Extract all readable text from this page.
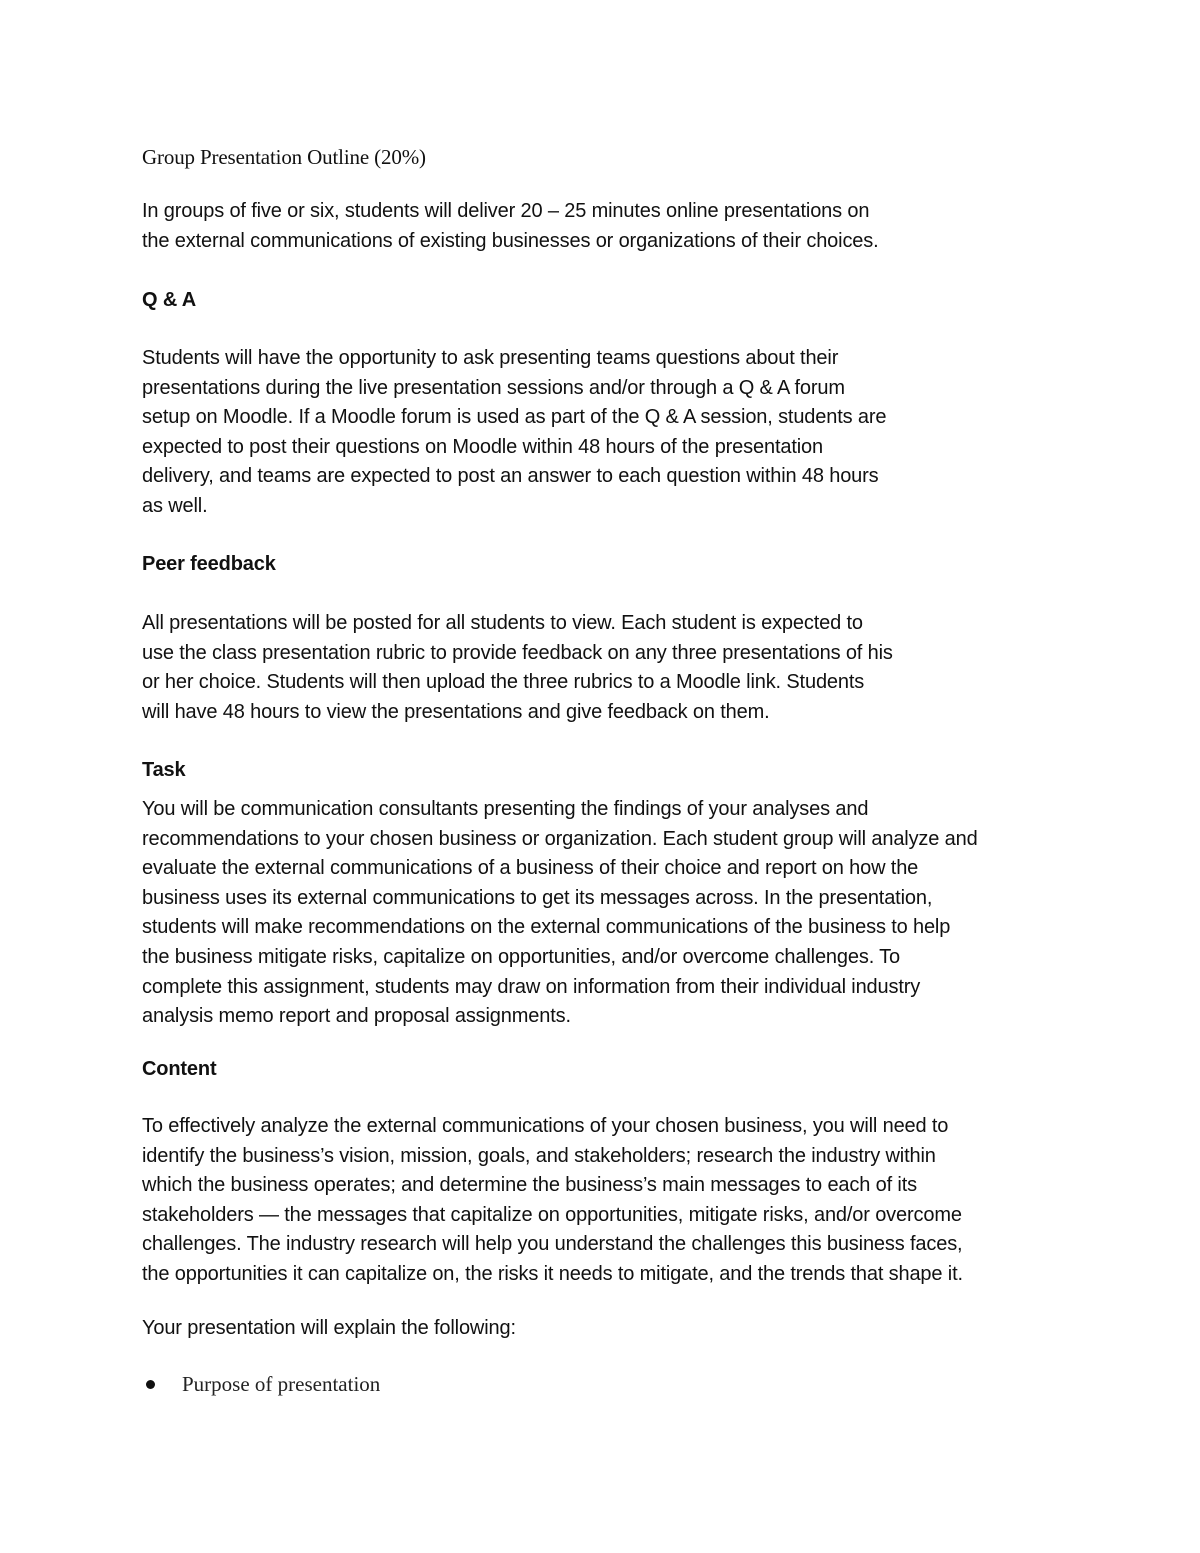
Group Presentation Outline (20%)

In groups of five or six, students will deliver 20 – 25 minutes online presentations on
the external communications of existing businesses or organizations of their choices.

Q & A

Students will have the opportunity to ask presenting teams questions about their
presentations during the live presentation sessions and/or through a Q & A forum
setup on Moodle. If a Moodle forum is used as part of the Q & A session, students are
expected to post their questions on Moodle within 48 hours of the presentation
delivery, and teams are expected to post an answer to each question within 48 hours
as well.

Peer feedback

All presentations will be posted for all students to view. Each student is expected to
use the class presentation rubric to provide feedback on any three presentations of his
or her choice. Students will then upload the three rubrics to a Moodle link. Students
will have 48 hours to view the presentations and give feedback on them.

Task

You will be communication consultants presenting the findings of your analyses and
recommendations to your chosen business or organization. Each student group will analyze and
evaluate the external communications of a business of their choice and report on how the
business uses its external communications to get its messages across. In the presentation,
students will make recommendations on the external communications of the business to help
the business mitigate risks, capitalize on opportunities, and/or overcome challenges. To
complete this assignment, students may draw on information from their individual industry
analysis memo report and proposal assignments.

Content

To effectively analyze the external communications of your chosen business, you will need to
identify the business’s vision, mission, goals, and stakeholders; research the industry within
which the business operates; and determine the business’s main messages to each of its
stakeholders — the messages that capitalize on opportunities, mitigate risks, and/or overcome
challenges. The industry research will help you understand the challenges this business faces,
the opportunities it can capitalize on, the risks it needs to mitigate, and the trends that shape it.

Your presentation will explain the following:

Purpose of presentation
